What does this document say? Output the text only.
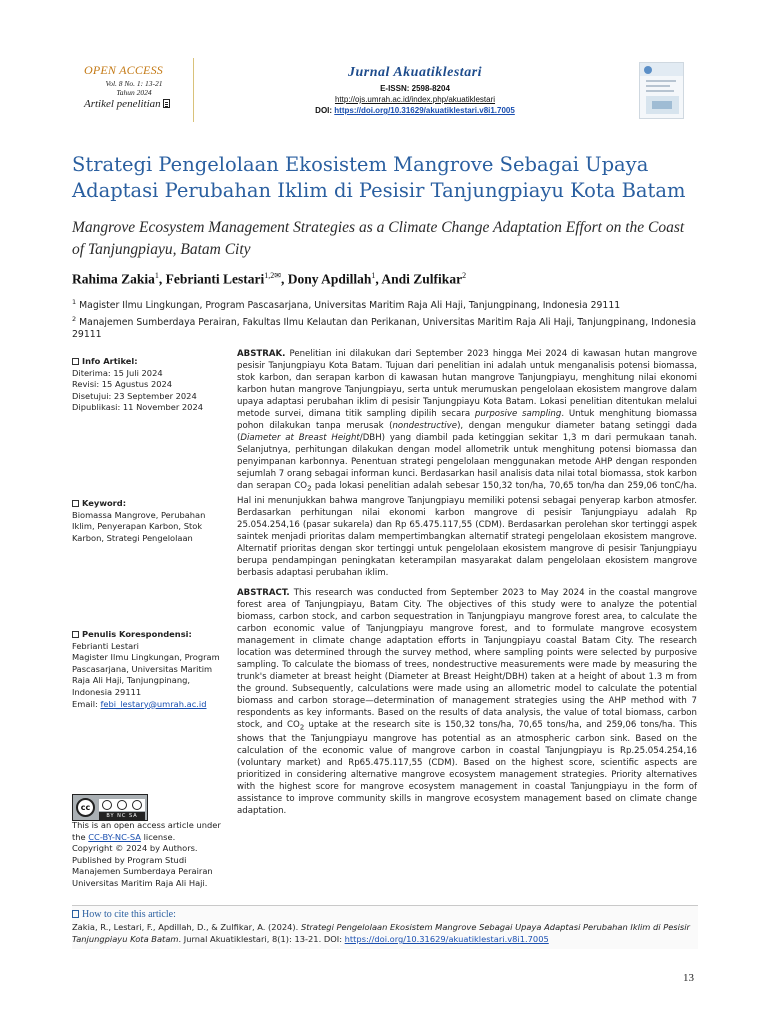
OPEN ACCESS
Vol. 8 No. 1: 13-21
Tahun 2024
Artikel penelitian
Jurnal Akuatiklestari
E-ISSN: 2598-8204
http://ojs.umrah.ac.id/index.php/akuatiklestari
DOI: https://doi.org/10.31629/akuatiklestari.v8i1.7005
Strategi Pengelolaan Ekosistem Mangrove Sebagai Upaya Adaptasi Perubahan Iklim di Pesisir Tanjungpiayu Kota Batam
Mangrove Ecosystem Management Strategies as a Climate Change Adaptation Effort on the Coast of Tanjungpiayu, Batam City
Rahima Zakia$^1$, Febrianti Lestari$^{1,2✉}$, Dony Apdillah$^1$, Andi Zulfikar$^2$
$^1$ Magister Ilmu Lingkungan, Program Pascasarjana, Universitas Maritim Raja Ali Haji, Tanjungpinang, Indonesia 29111
$^2$ Manajemen Sumberdaya Perairan, Fakultas Ilmu Kelautan dan Perikanan, Universitas Maritim Raja Ali Haji, Tanjungpinang, Indonesia 29111
Info Artikel:
Diterima: 15 Juli 2024
Revisi: 15 Agustus 2024
Disetujui: 23 September 2024
Dipublikasi: 11 November 2024
Keyword:
Biomassa Mangrove, Perubahan Iklim, Penyerapan Karbon, Stok Karbon, Strategi Pengelolaan
Penulis Korespondensi:
Febrianti Lestari
Magister Ilmu Lingkungan, Program Pascasarjana, Universitas Maritim Raja Ali Haji, Tanjungpinang, Indonesia 29111
Email: febi_lestary@umrah.ac.id
cc
BY NC SA
This is an open access article under the CC-BY-NC-SA license.
Copyright © 2024 by Authors.
Published by Program Studi Manajemen Sumberdaya Perairan Universitas Maritim Raja Ali Haji.

ABSTRAK. Penelitian ini dilakukan dari September 2023 hingga Mei 2024 di kawasan hutan mangrove pesisir Tanjungpiayu Kota Batam. Tujuan dari penelitian ini adalah untuk menganalisis potensi biomassa, stok karbon, dan serapan karbon di kawasan hutan mangrove Tanjungpiayu, menghitung nilai ekonomi karbon hutan mangrove Tanjungpiayu, serta untuk merumuskan pengelolaan ekosistem mangrove dalam upaya adaptasi perubahan iklim di pesisir Tanjungpiayu Kota Batam. Lokasi penelitian ditentukan melalui metode survei, dimana titik sampling dipilih secara purposive sampling. Untuk menghitung biomassa pohon dilakukan tanpa merusak (nondestructive), dengan mengukur diameter batang setinggi dada (Diameter at Breast Height/DBH) yang diambil pada ketinggian sekitar 1,3 m dari permukaan tanah. Selanjutnya, perhitungan dilakukan dengan model allometrik untuk menghitung potensi biomassa dan penyimpanan karbonnya. Penentuan strategi pengelolaan menggunakan metode AHP dengan responden sejumlah 7 orang sebagai informan kunci. Berdasarkan hasil analisis data nilai total biomassa, stok karbon dan serapan $CO_2$ pada lokasi penelitian adalah sebesar 150,32 ton/ha, 70,65 ton/ha dan 259,06 tonC/ha. Hal ini menunjukkan bahwa mangrove Tanjungpiayu memiliki potensi sebagai penyerap karbon atmosfer. Berdasarkan perhitungan nilai ekonomi karbon mangrove di pesisir Tanjungpiayu adalah Rp 25.054.254,16 (pasar sukarela) dan Rp 65.475.117,55 (CDM). Berdasarkan perolehan skor tertinggi aspek saintek menjadi prioritas dalam mempertimbangkan alternatif strategi pengelolaan ekosistem mangrove. Alternatif prioritas dengan skor tertinggi untuk pengelolaan ekosistem mangrove di pesisir Tanjungpiayu berupa pendampingan peningkatan keterampilan masyarakat dalam pengelolaan ekosistem mangrove berbasis adaptasi perubahan iklim.

ABSTRACT. This research was conducted from September 2023 to May 2024 in the coastal mangrove forest area of Tanjungpiayu, Batam City. The objectives of this study were to analyze the potential biomass, carbon stock, and carbon sequestration in Tanjungpiayu mangrove forest area, to calculate the carbon economic value of Tanjungpiayu mangrove forest, and to formulate mangrove ecosystem management in climate change adaptation efforts in Tanjungpiayu coastal Batam City. The research location was determined through the survey method, where sampling points were selected by purposive sampling. To calculate the biomass of trees, nondestructive measurements were made by measuring the trunk's diameter at breast height (Diameter at Breast Height/DBH) taken at a height of about 1.3 m from the ground. Subsequently, calculations were made using an allometric model to calculate the potential biomass and carbon storage—determination of management strategies using the AHP method with 7 respondents as key informants. Based on the results of data analysis, the value of total biomass, carbon stock, and $CO_2$ uptake at the research site is 150,32 tons/ha, 70,65 tons/ha, and 259,06 tons/ha. This shows that the Tanjungpiayu mangrove has potential as an atmospheric carbon sink. Based on the calculation of the economic value of mangrove carbon in coastal Tanjungpiayu is Rp.25.054.254,16 (voluntary market) and Rp65.475.117,55 (CDM). Based on the highest score, scientific aspects are prioritized in considering alternative mangrove ecosystem management strategies. Priority alternatives with the highest score for mangrove ecosystem management in coastal Tanjungpiayu in the form of assistance to improve community skills in mangrove ecosystem management based on climate change adaptation.

How to cite this article:
Zakia, R., Lestari, F., Apdillah, D., & Zulfikar, A. (2024). Strategi Pengelolaan Ekosistem Mangrove Sebagai Upaya Adaptasi Perubahan Iklim di Pesisir Tanjungpiayu Kota Batam. Jurnal Akuatiklestari, 8(1): 13-21. DOI: https://doi.org/10.31629/akuatiklestari.v8i1.7005
13
